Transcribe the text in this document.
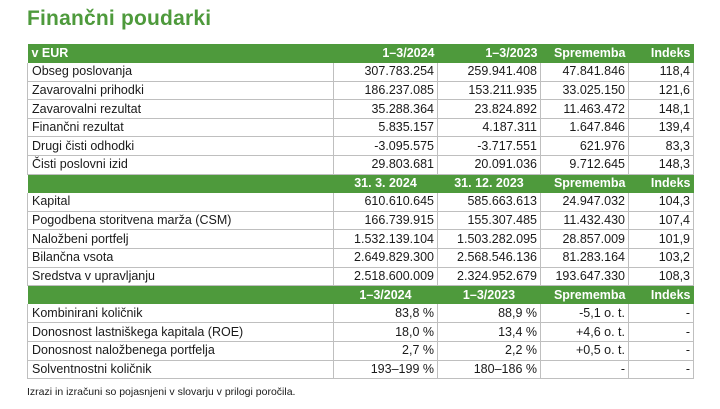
Finančni poudarki
v EUR	1–3/2024	1–3/2023	Sprememba	Indeks
Obseg poslovanja	307.783.254	259.941.408	47.841.846	118,4
Zavarovalni prihodki	186.237.085	153.211.935	33.025.150	121,6
Zavarovalni rezultat	35.288.364	23.824.892	11.463.472	148,1
Finančni rezultat	5.835.157	4.187.311	1.647.846	139,4
Drugi čisti odhodki	-3.095.575	-3.717.551	621.976	83,3
Čisti poslovni izid	29.803.681	20.091.036	9.712.645	148,3
	31. 3. 2024	31. 12. 2023	Sprememba	Indeks
Kapital	610.610.645	585.663.613	24.947.032	104,3
Pogodbena storitvena marža (CSM)	166.739.915	155.307.485	11.432.430	107,4
Naložbeni portfelj	1.532.139.104	1.503.282.095	28.857.009	101,9
Bilančna vsota	2.649.829.300	2.568.546.136	81.283.164	103,2
Sredstva v upravljanju	2.518.600.009	2.324.952.679	193.647.330	108,3
	1–3/2024	1–3/2023	Sprememba	Indeks
Kombinirani količnik	83,8 %	88,9 %	-5,1 o. t.	-
Donosnost lastniškega kapitala (ROE)	18,0 %	13,4 %	+4,6 o. t.	-
Donosnost naložbenega portfelja	2,7 %	2,2 %	+0,5 o. t.	-
Solventnostni količnik	193–199 %	180–186 %	-	-
Izrazi in izračuni so pojasnjeni v slovarju v prilogi poročila.
